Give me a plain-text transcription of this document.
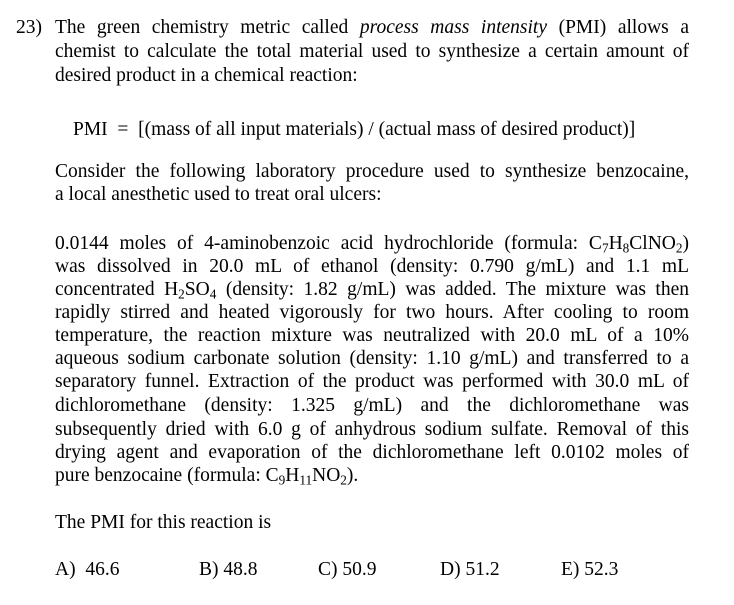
23) The green chemistry metric called process mass intensity (PMI) allows a
chemist to calculate the total material used to synthesize a certain amount of
desired product in a chemical reaction:
PMI  =  [(mass of all input materials) / (actual mass of desired product)]
Consider the following laboratory procedure used to synthesize benzocaine,
a local anesthetic used to treat oral ulcers:
0.0144 moles of 4-aminobenzoic acid hydrochloride (formula: $C_7H_8ClNO_2$)
was dissolved in 20.0 mL of ethanol (density: 0.790 g/mL) and 1.1 mL
concentrated $H_2SO_4$ (density: 1.82 g/mL) was added. The mixture was then
rapidly stirred and heated vigorously for two hours. After cooling to room
temperature, the reaction mixture was neutralized with 20.0 mL of a 10%
aqueous sodium carbonate solution (density: 1.10 g/mL) and transferred to a
separatory funnel. Extraction of the product was performed with 30.0 mL of
dichloromethane (density: 1.325 g/mL) and the dichloromethane was
subsequently dried with 6.0 g of anhydrous sodium sulfate. Removal of this
drying agent and evaporation of the dichloromethane left 0.0102 moles of
pure benzocaine (formula: $C_9H_{11}NO_2$).
The PMI for this reaction is
A)  46.6	B) 48.8	C) 50.9	D) 51.2	E) 52.3
